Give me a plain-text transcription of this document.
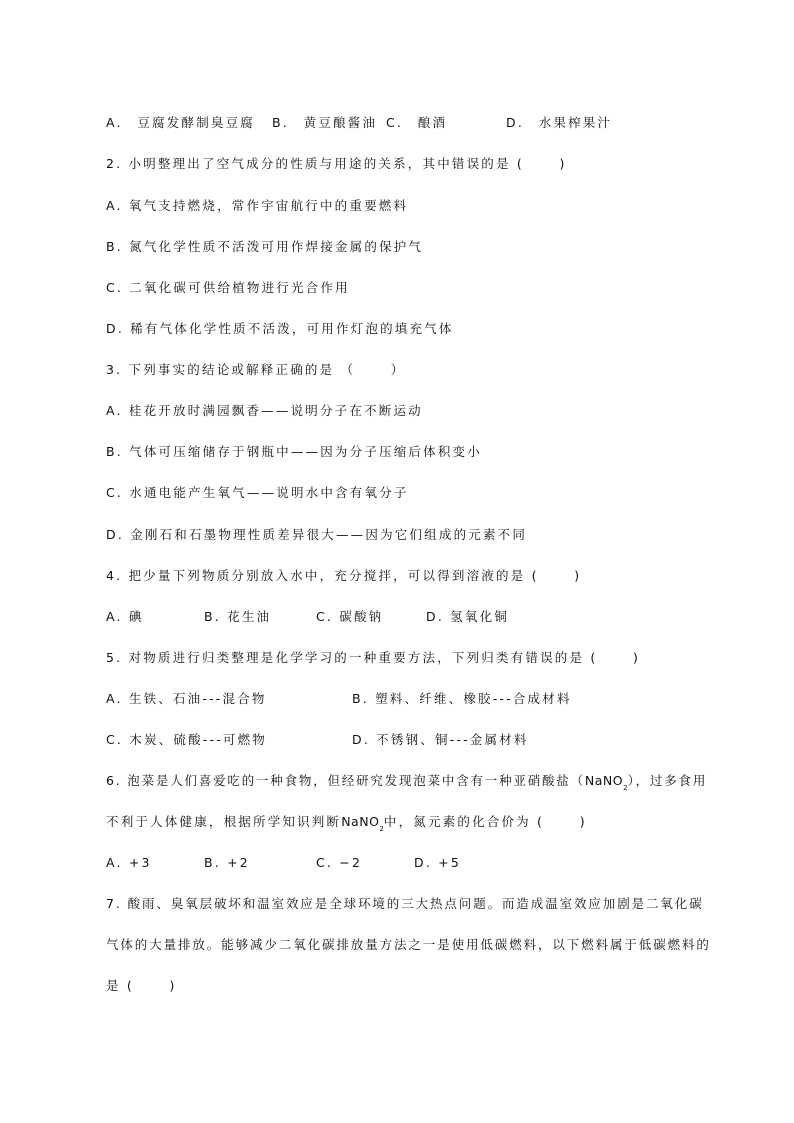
A.　豆腐发酵制臭豆腐 B.　黄豆酿酱油 C.　酿酒	D.　水果榨果汁
2. 小明整理出了空气成分的性质与用途的关系，其中错误的是 (　　 )
A. 氧气支持燃烧，常作宇宙航行中的重要燃料
B. 氮气化学性质不活泼可用作焊接金属的保护气
C. 二氧化碳可供给植物进行光合作用
D. 稀有气体化学性质不活泼，可用作灯泡的填充气体
3. 下列事实的结论或解释正确的是 （　　 ）
A. 桂花开放时满园飘香——说明分子在不断运动
B. 气体可压缩储存于钢瓶中——因为分子压缩后体积变小
C. 水通电能产生氧气——说明水中含有氧分子
D. 金刚石和石墨物理性质差异很大——因为它们组成的元素不同
4. 把少量下列物质分别放入水中，充分搅拌，可以得到溶液的是 (　　 )
A. 碘	B. 花生油	C. 碳酸钠	D. 氢氧化铜
5. 对物质进行归类整理是化学学习的一种重要方法，下列归类有错误的是 (　　 )
A. 生铁、石油---混合物	B. 塑料、纤维、橡胶---合成材料
C. 木炭、硫酸---可燃物	D. 不锈钢、铜---金属材料
6. 泡菜是人们喜爱吃的一种食物，但经研究发现泡菜中含有一种亚硝酸盐（NaNO$_2$），过多食用
不利于人体健康，根据所学知识判断NaNO$_2$中，氮元素的化合价为 (　　 )
A. +3	B. +2	C. −2	D. +5
7. 酸雨、臭氧层破坏和温室效应是全球环境的三大热点问题。而造成温室效应加剧是二氧化碳
气体的大量排放。能够减少二氧化碳排放量方法之一是使用低碳燃料，以下燃料属于低碳燃料的
是 (　　 )
